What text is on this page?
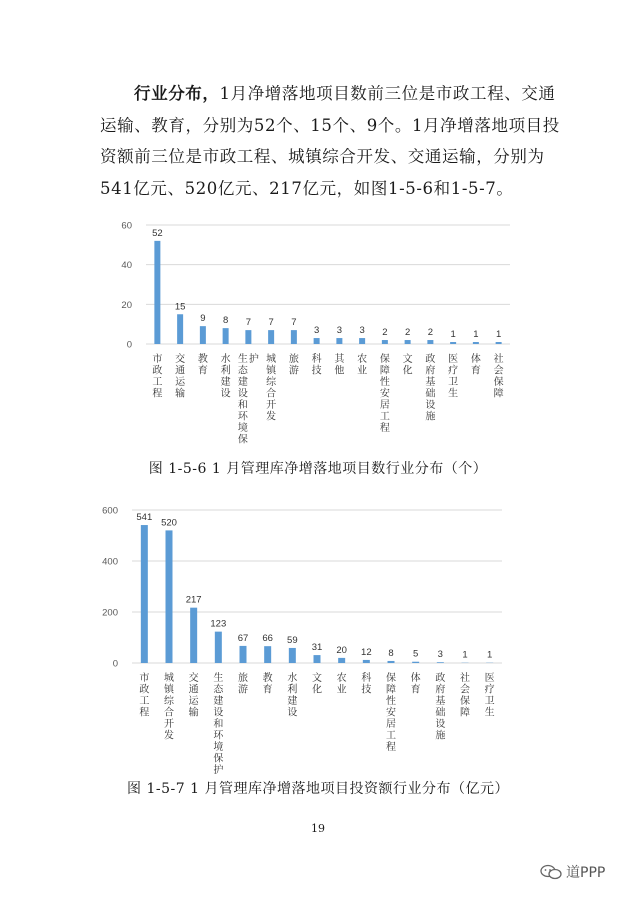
行业分布，1月净增落地项目数前三位是市政工程、交通运输、教育，分别为52个、15个、9个。1月净增落地项目投资额前三位是市政工程、城镇综合开发、交通运输，分别为541亿元、520亿元、217亿元，如图1-5-6和1-5-7。

0
20
40
60
52
市政工程
15
交通运输
9
教育
8
水利建设
7
生态建设和环境保护
7
城镇综合开发
7
旅游
3
科技
3
其他
3
农业
2
保障性安居工程
2
文化
2
政府基础设施
1
医疗卫生
1
体育
1
社会保障
图 1-5-6 1 月管理库净增落地项目数行业分布（个）
0
200
400
600
541
市政工程
520
城镇综合开发
217
交通运输
123
生态建设和环境保护
67
旅游
66
教育
59
水利建设
31
文化
20
农业
12
科技
8
保障性安居工程
5
体育
3
政府基础设施
1
社会保障
1
医疗卫生
图 1-5-7 1 月管理库净增落地项目投资额行业分布（亿元）
19
道PPP
